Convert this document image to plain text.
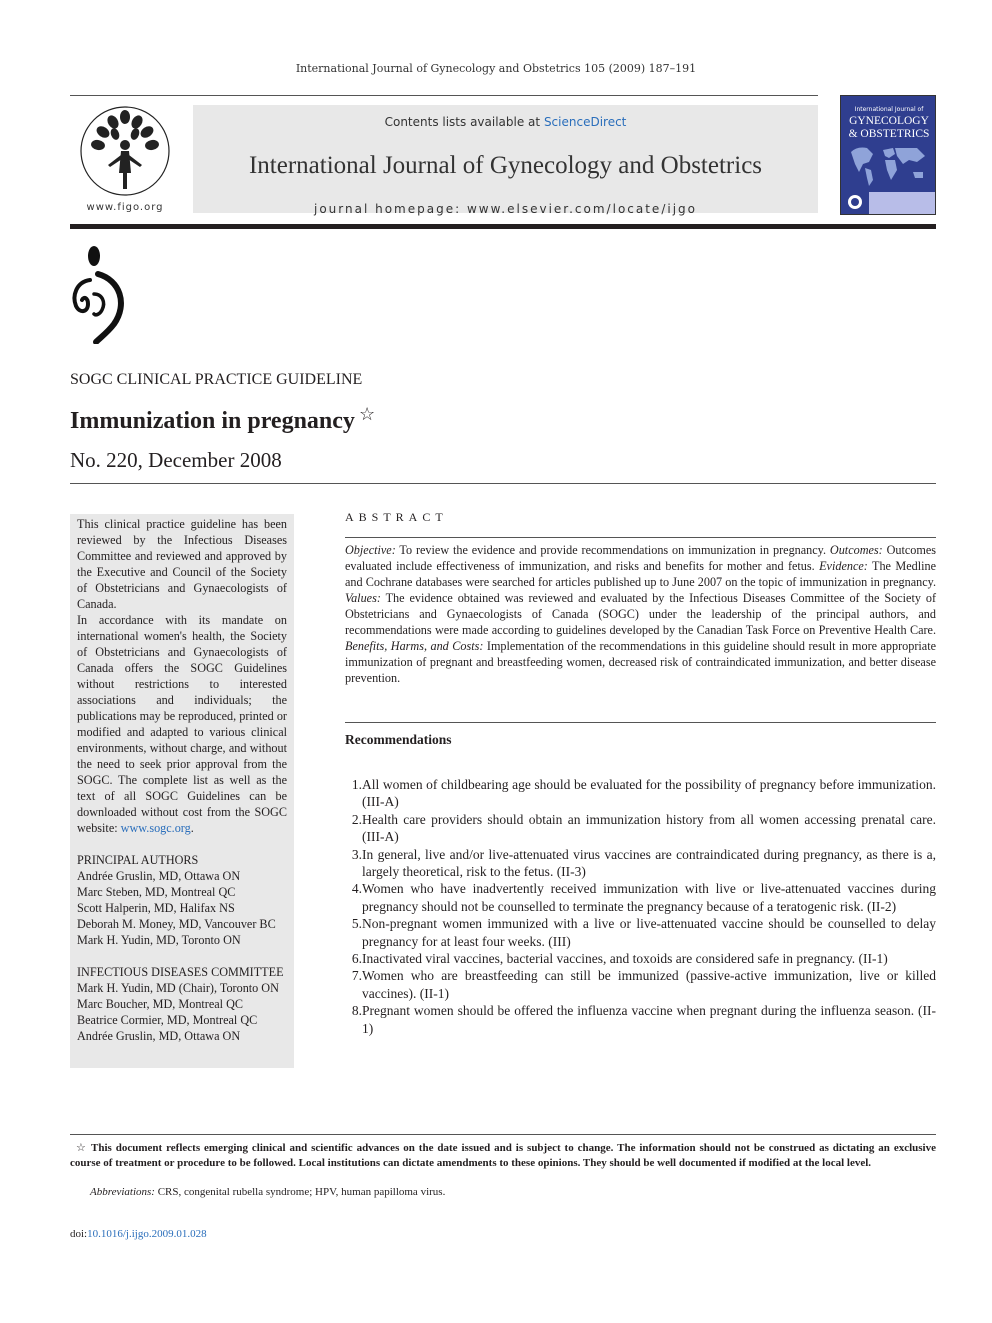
International Journal of Gynecology and Obstetrics 105 (2009) 187–191
www.figo.org
Contents lists available at ScienceDirect
International Journal of Gynecology and Obstetrics
journal homepage: www.elsevier.com/locate/ijgo
International Journal of
GYNECOLOGY
& OBSTETRICS
SOGC CLINICAL PRACTICE GUIDELINE
Immunization in pregnancy ☆
No. 220, December 2008

This clinical practice guideline has been reviewed by the Infectious Diseases Committee and reviewed and approved by the Executive and Council of the Society of Obstetricians and Gynaecologists of Canada.

In accordance with its mandate on international women's health, the Society of Obstetricians and Gynaecologists of Canada offers the SOGC Guidelines without restrictions to interested associations and individuals; the publications may be reproduced, printed or modified and adapted to various clinical environments, without charge, and without the need to seek prior approval from the SOGC. The complete list as well as the text of all SOGC Guidelines can be downloaded without cost from the SOGC website: www.sogc.org.

PRINCIPAL AUTHORS
Andrée Gruslin, MD, Ottawa ON
Marc Steben, MD, Montreal QC
Scott Halperin, MD, Halifax NS
Deborah M. Money, MD, Vancouver BC
Mark H. Yudin, MD, Toronto ON
INFECTIOUS DISEASES COMMITTEE
Mark H. Yudin, MD (Chair), Toronto ON
Marc Boucher, MD, Montreal QC
Beatrice Cormier, MD, Montreal QC
Andrée Gruslin, MD, Ottawa ON
ABSTRACT
Objective: To review the evidence and provide recommendations on immunization in pregnancy. Outcomes: Outcomes evaluated include effectiveness of immunization, and risks and benefits for mother and fetus. Evidence: The Medline and Cochrane databases were searched for articles published up to June 2007 on the topic of immunization in pregnancy. Values: The evidence obtained was reviewed and evaluated by the Infectious Diseases Committee of the Society of Obstetricians and Gynaecologists of Canada (SOGC) under the leadership of the principal authors, and recommendations were made according to guidelines developed by the Canadian Task Force on Preventive Health Care. Benefits, Harms, and Costs: Implementation of the recommendations in this guideline should result in more appropriate immunization of pregnant and breastfeeding women, decreased risk of contraindicated immunization, and better disease prevention.
Recommendations
1. All women of childbearing age should be evaluated for the possibility of pregnancy before immunization. (III-A)
2. Health care providers should obtain an immunization history from all women accessing prenatal care. (III-A)
3. In general, live and/or live-attenuated virus vaccines are contraindicated during pregnancy, as there is a, largely theoretical, risk to the fetus. (II-3)
4. Women who have inadvertently received immunization with live or live-attenuated vaccines during pregnancy should not be counselled to terminate the pregnancy because of a teratogenic risk. (II-2)
5. Non-pregnant women immunized with a live or live-attenuated vaccine should be counselled to delay pregnancy for at least four weeks. (III)
6. Inactivated viral vaccines, bacterial vaccines, and toxoids are considered safe in pregnancy. (II-1)
7. Women who are breastfeeding can still be immunized (passive-active immunization, live or killed vaccines). (II-1)
8. Pregnant women should be offered the influenza vaccine when pregnant during the influenza season. (II-1)
☆ This document reflects emerging clinical and scientific advances on the date issued and is subject to change. The information should not be construed as dictating an exclusive course of treatment or procedure to be followed. Local institutions can dictate amendments to these opinions. They should be well documented if modified at the local level.
Abbreviations: CRS, congenital rubella syndrome; HPV, human papilloma virus.
doi:10.1016/j.ijgo.2009.01.028
